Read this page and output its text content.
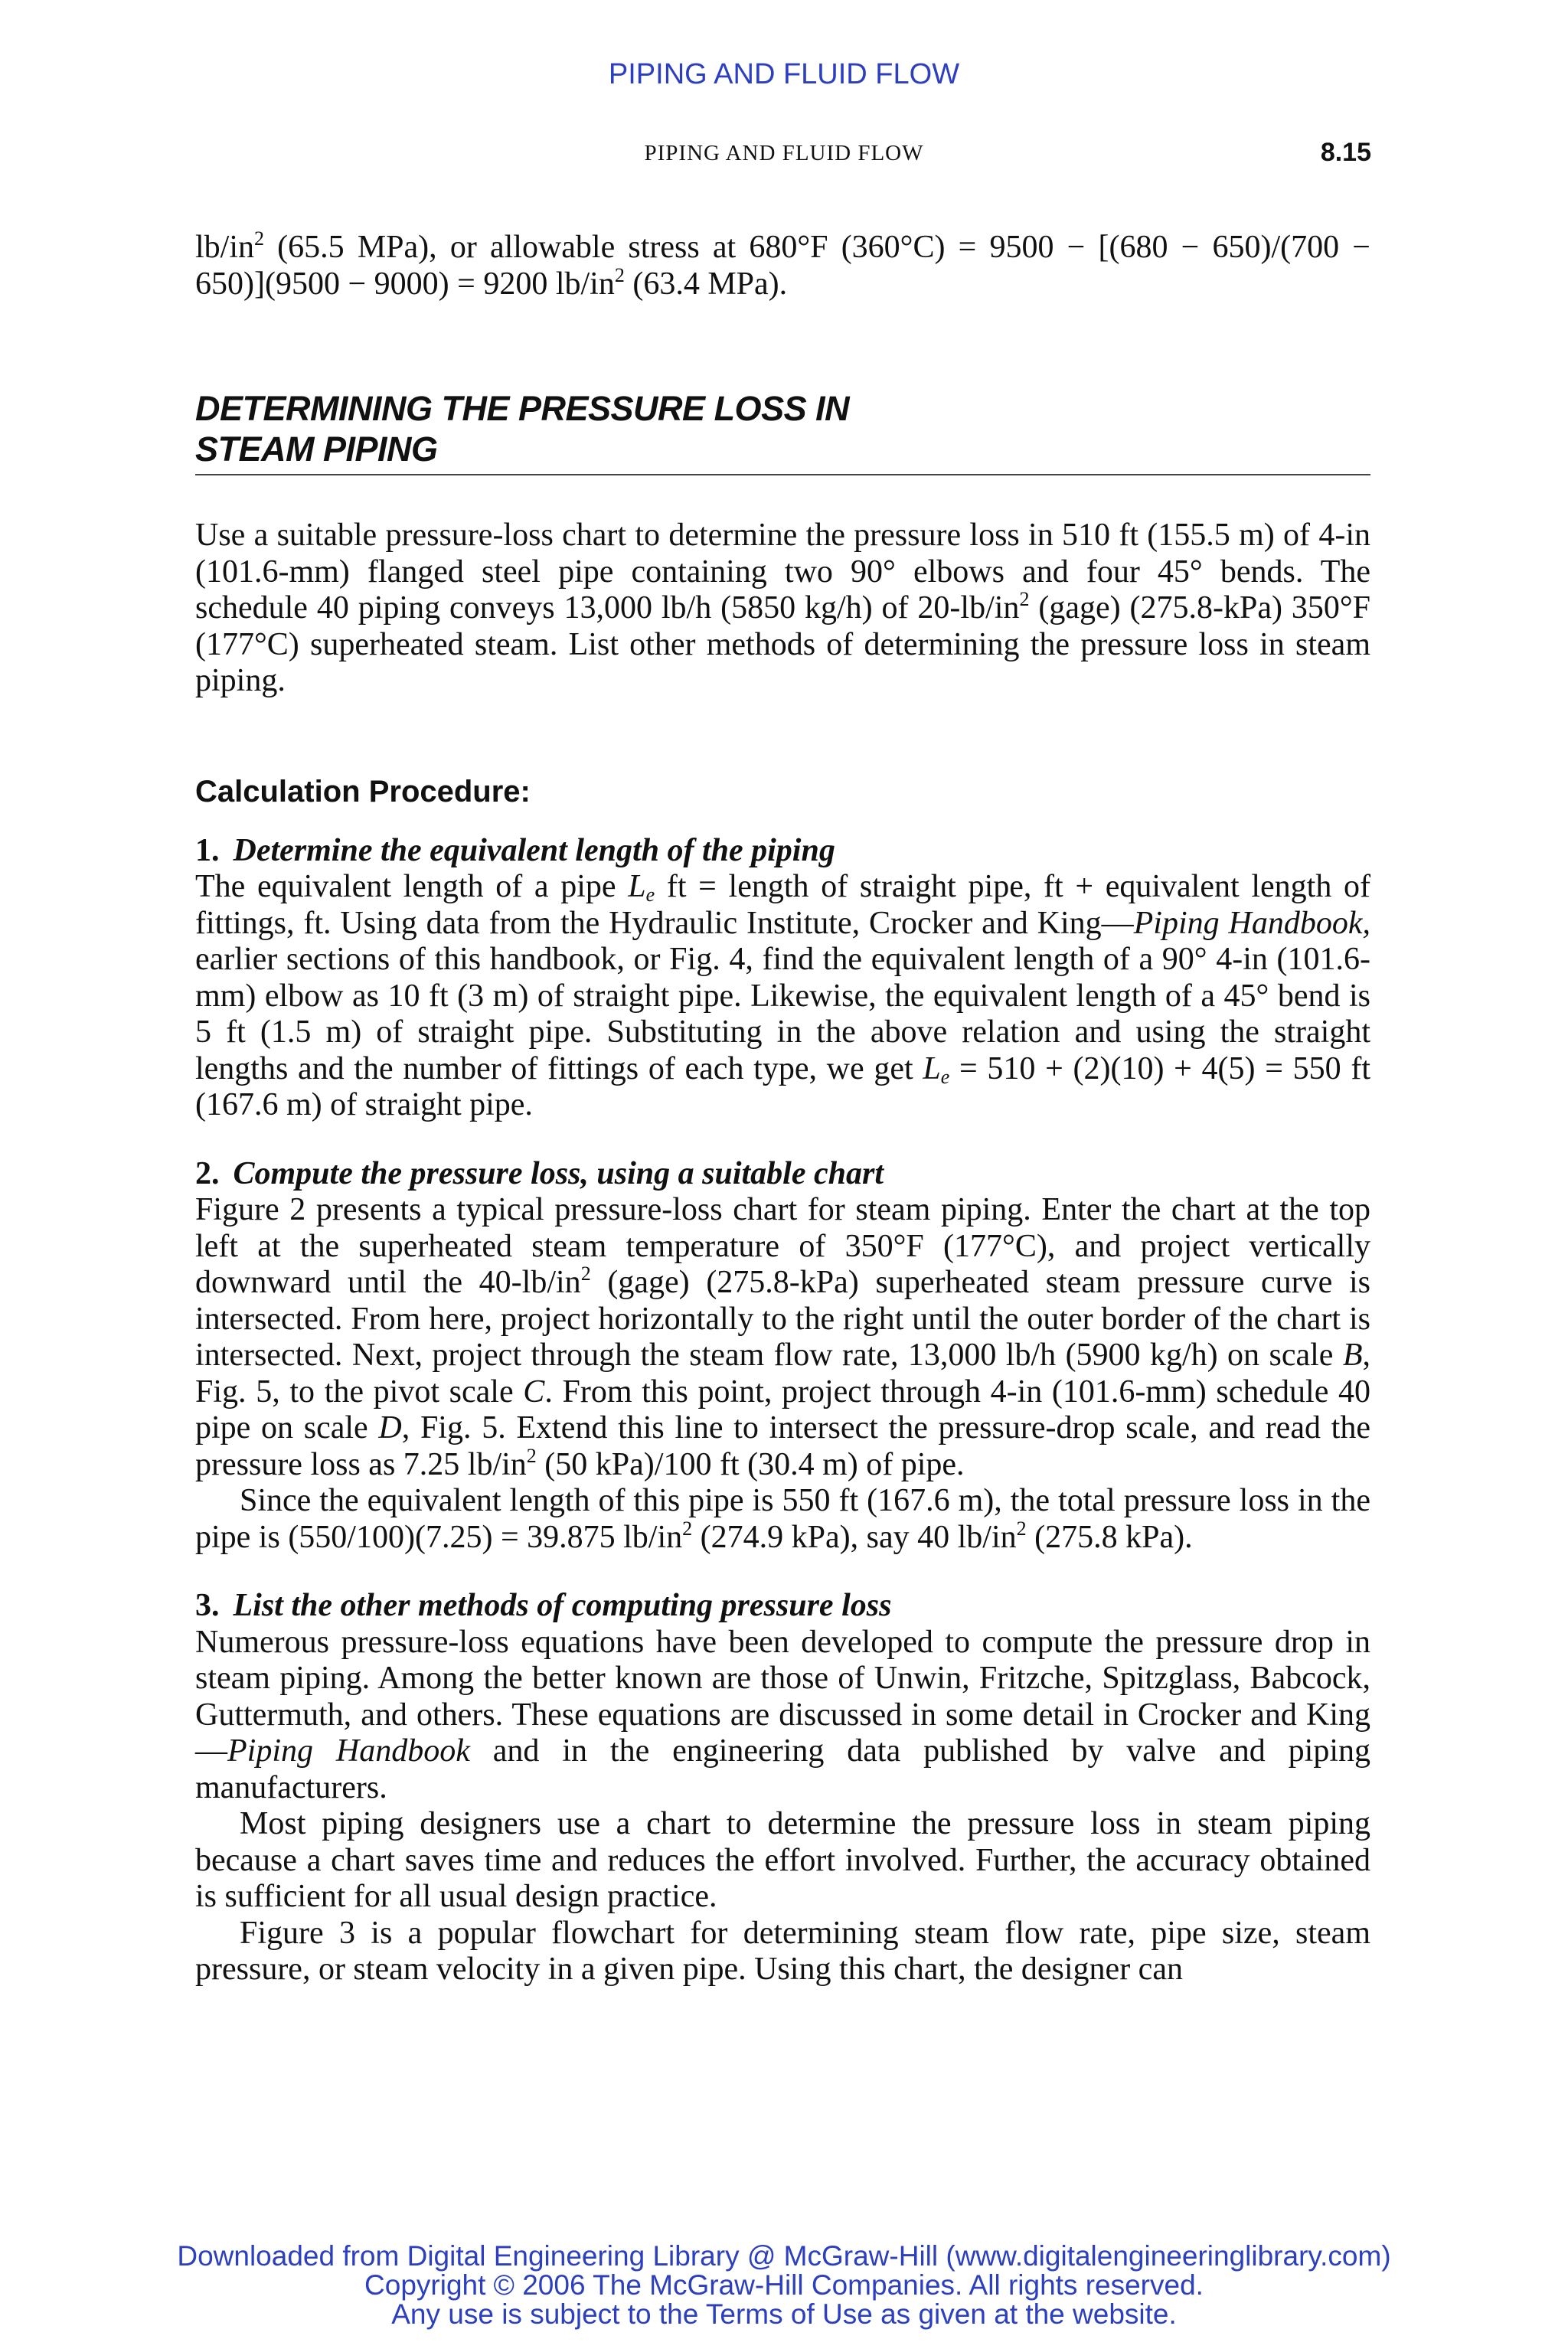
PIPING AND FLUID FLOW
PIPING AND FLUID FLOW	8.15

$lb/in^2$ (65.5 MPa), or allowable stress at 680°F (360°C) = 9500 − [(680 − 650)/(700 − 650)](9500 − 9000) = 9200 $lb/in^2$ (63.4 MPa).

DETERMINING THE PRESSURE LOSS IN
STEAM PIPING

Use a suitable pressure-loss chart to determine the pressure loss in 510 ft (155.5 m) of 4-in (101.6-mm) flanged steel pipe containing two 90° elbows and four 45° bends. The schedule 40 piping conveys 13,000 lb/h (5850 kg/h) of $20-lb/in^2$ (gage) (275.8-kPa) 350°F (177°C) superheated steam. List other methods of determining the pressure loss in steam piping.

Calculation Procedure:
1. Determine the equivalent length of the piping

The equivalent length of a pipe $L_e$ ft = length of straight pipe, ft + equivalent length of fittings, ft. Using data from the Hydraulic Institute, Crocker and King—Piping Handbook, earlier sections of this handbook, or Fig. 4, find the equivalent length of a 90° 4-in (101.6-mm) elbow as 10 ft (3 m) of straight pipe. Likewise, the equivalent length of a 45° bend is 5 ft (1.5 m) of straight pipe. Substituting in the above relation and using the straight lengths and the number of fittings of each type, we get $L_e = 510 + (2)(10) + 4(5) = 550$ ft (167.6 m) of straight pipe.

2. Compute the pressure loss, using a suitable chart

Figure 2 presents a typical pressure-loss chart for steam piping. Enter the chart at the top left at the superheated steam temperature of 350°F (177°C), and project vertically downward until the $40-lb/in^2$ (gage) (275.8-kPa) superheated steam pressure curve is intersected. From here, project horizontally to the right until the outer border of the chart is intersected. Next, project through the steam flow rate, 13,000 lb/h (5900 kg/h) on scale B, Fig. 5, to the pivot scale C. From this point, project through 4-in (101.6-mm) schedule 40 pipe on scale D, Fig. 5. Extend this line to intersect the pressure-drop scale, and read the pressure loss as 7.25 $lb/in^2$ (50 kPa)/100 ft (30.4 m) of pipe.

Since the equivalent length of this pipe is 550 ft (167.6 m), the total pressure loss in the pipe is (550/100)(7.25) = 39.875 $lb/in^2$ (274.9 kPa), say 40 $lb/in^2$ (275.8 kPa).

3. List the other methods of computing pressure loss

Numerous pressure-loss equations have been developed to compute the pressure drop in steam piping. Among the better known are those of Unwin, Fritzche, Spitzglass, Babcock, Guttermuth, and others. These equations are discussed in some detail in Crocker and King—Piping Handbook and in the engineering data published by valve and piping manufacturers.

Most piping designers use a chart to determine the pressure loss in steam piping because a chart saves time and reduces the effort involved. Further, the accuracy obtained is sufficient for all usual design practice.

Figure 3 is a popular flowchart for determining steam flow rate, pipe size, steam pressure, or steam velocity in a given pipe. Using this chart, the designer can

Downloaded from Digital Engineering Library @ McGraw-Hill (www.digitalengineeringlibrary.com)
Copyright © 2006 The McGraw-Hill Companies. All rights reserved.
Any use is subject to the Terms of Use as given at the website.
